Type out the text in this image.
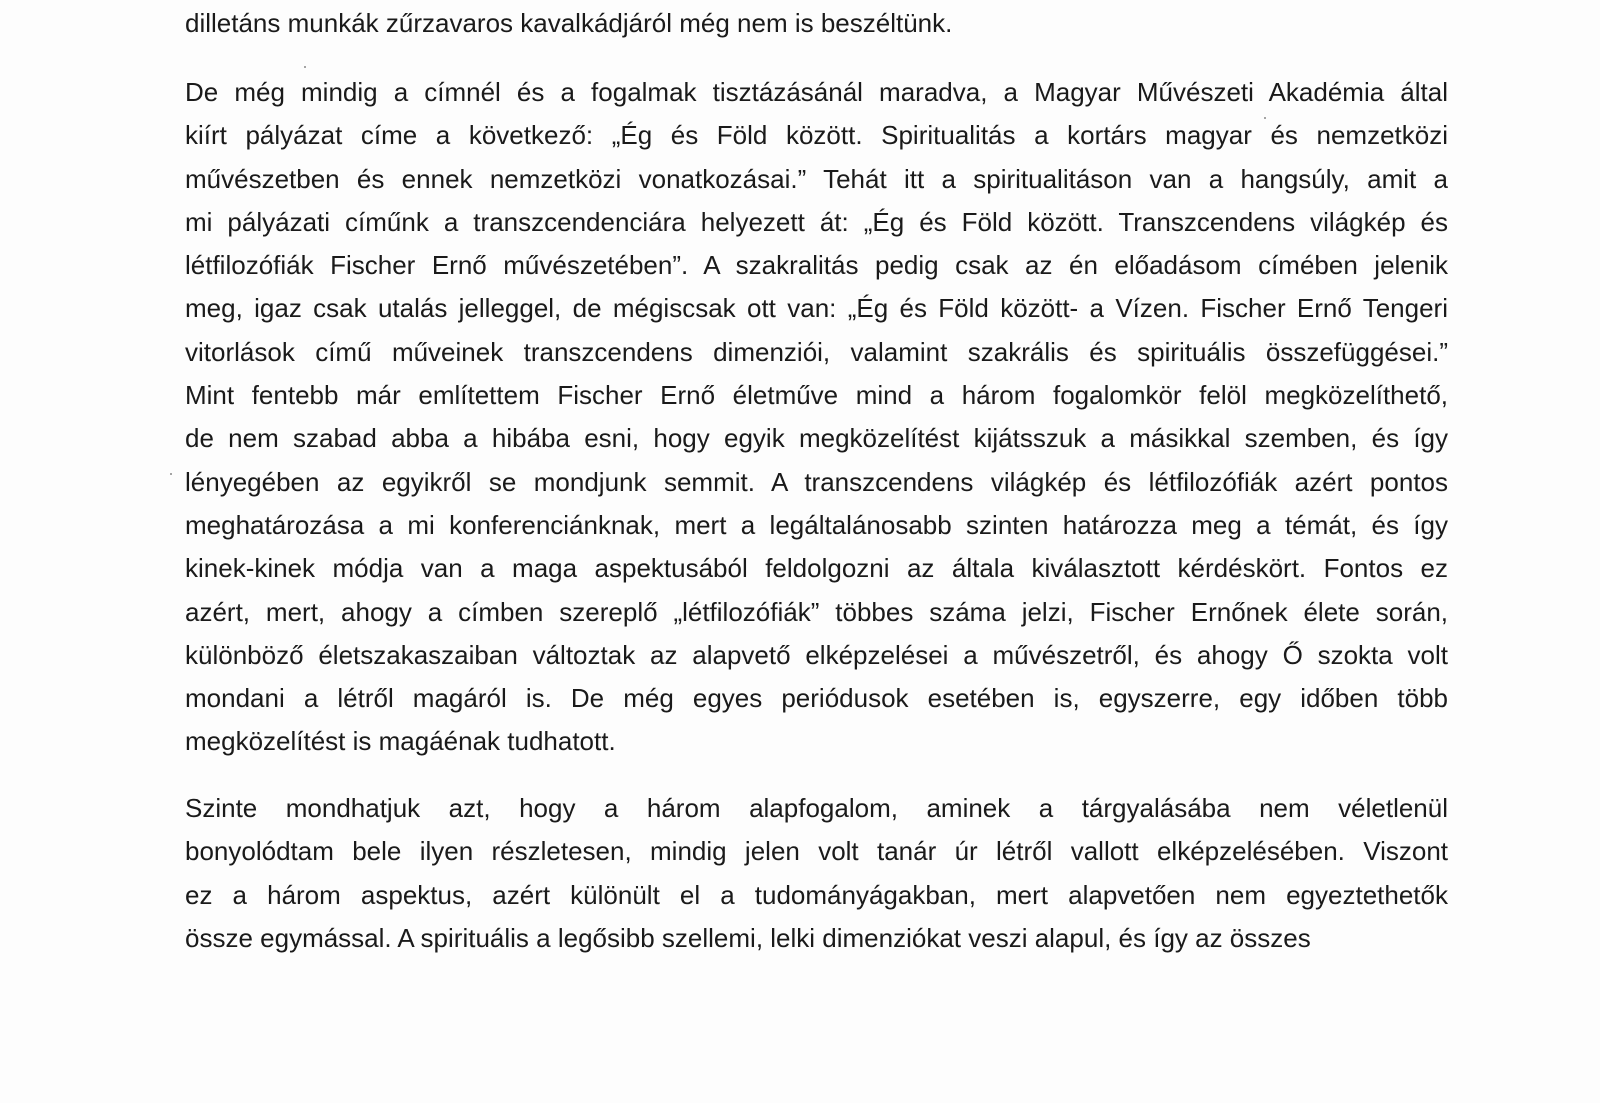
dilletáns munkák zűrzavaros kavalkádjáról még nem is beszéltünk.
De még mindig a címnél és a fogalmak tisztázásánál maradva, a Magyar Művészeti Akadémia által
kiírt pályázat címe a következő: „Ég és Föld között. Spiritualitás a kortárs magyar és nemzetközi
művészetben és ennek nemzetközi vonatkozásai.” Tehát itt a spiritualitáson van a hangsúly, amit a
mi pályázati címűnk a transzcendenciára helyezett át: „Ég és Föld között. Transzcendens világkép és
létfilozófiák Fischer Ernő művészetében”. A szakralitás pedig csak az én előadásom címében jelenik
meg, igaz csak utalás jelleggel, de mégiscsak ott van: „Ég és Föld között- a Vízen. Fischer Ernő Tengeri
vitorlások című műveinek transzcendens dimenziói, valamint szakrális és spirituális összefüggései.”
Mint fentebb már említettem Fischer Ernő életműve mind a három fogalomkör felöl megközelíthető,
de nem szabad abba a hibába esni, hogy egyik megközelítést kijátsszuk a másikkal szemben, és így
lényegében az egyikről se mondjunk semmit. A transzcendens világkép és létfilozófiák azért pontos
meghatározása a mi konferenciánknak, mert a legáltalánosabb szinten határozza meg a témát, és így
kinek-kinek módja van a maga aspektusából feldolgozni az általa kiválasztott kérdéskört. Fontos ez
azért, mert, ahogy a címben szereplő „létfilozófiák” többes száma jelzi, Fischer Ernőnek élete során,
különböző életszakaszaiban változtak az alapvető elképzelései a művészetről, és ahogy Ő szokta volt
mondani a létről magáról is. De még egyes periódusok esetében is, egyszerre, egy időben több
megközelítést is magáénak tudhatott.
Szinte mondhatjuk azt, hogy a három alapfogalom, aminek a tárgyalásába nem véletlenül
bonyolódtam bele ilyen részletesen, mindig jelen volt tanár úr létről vallott elképzelésében. Viszont
ez a három aspektus, azért különült el a tudományágakban, mert alapvetően nem egyeztethetők
össze egymással. A spirituális a legősibb szellemi, lelki dimenziókat veszi alapul, és így az összes
